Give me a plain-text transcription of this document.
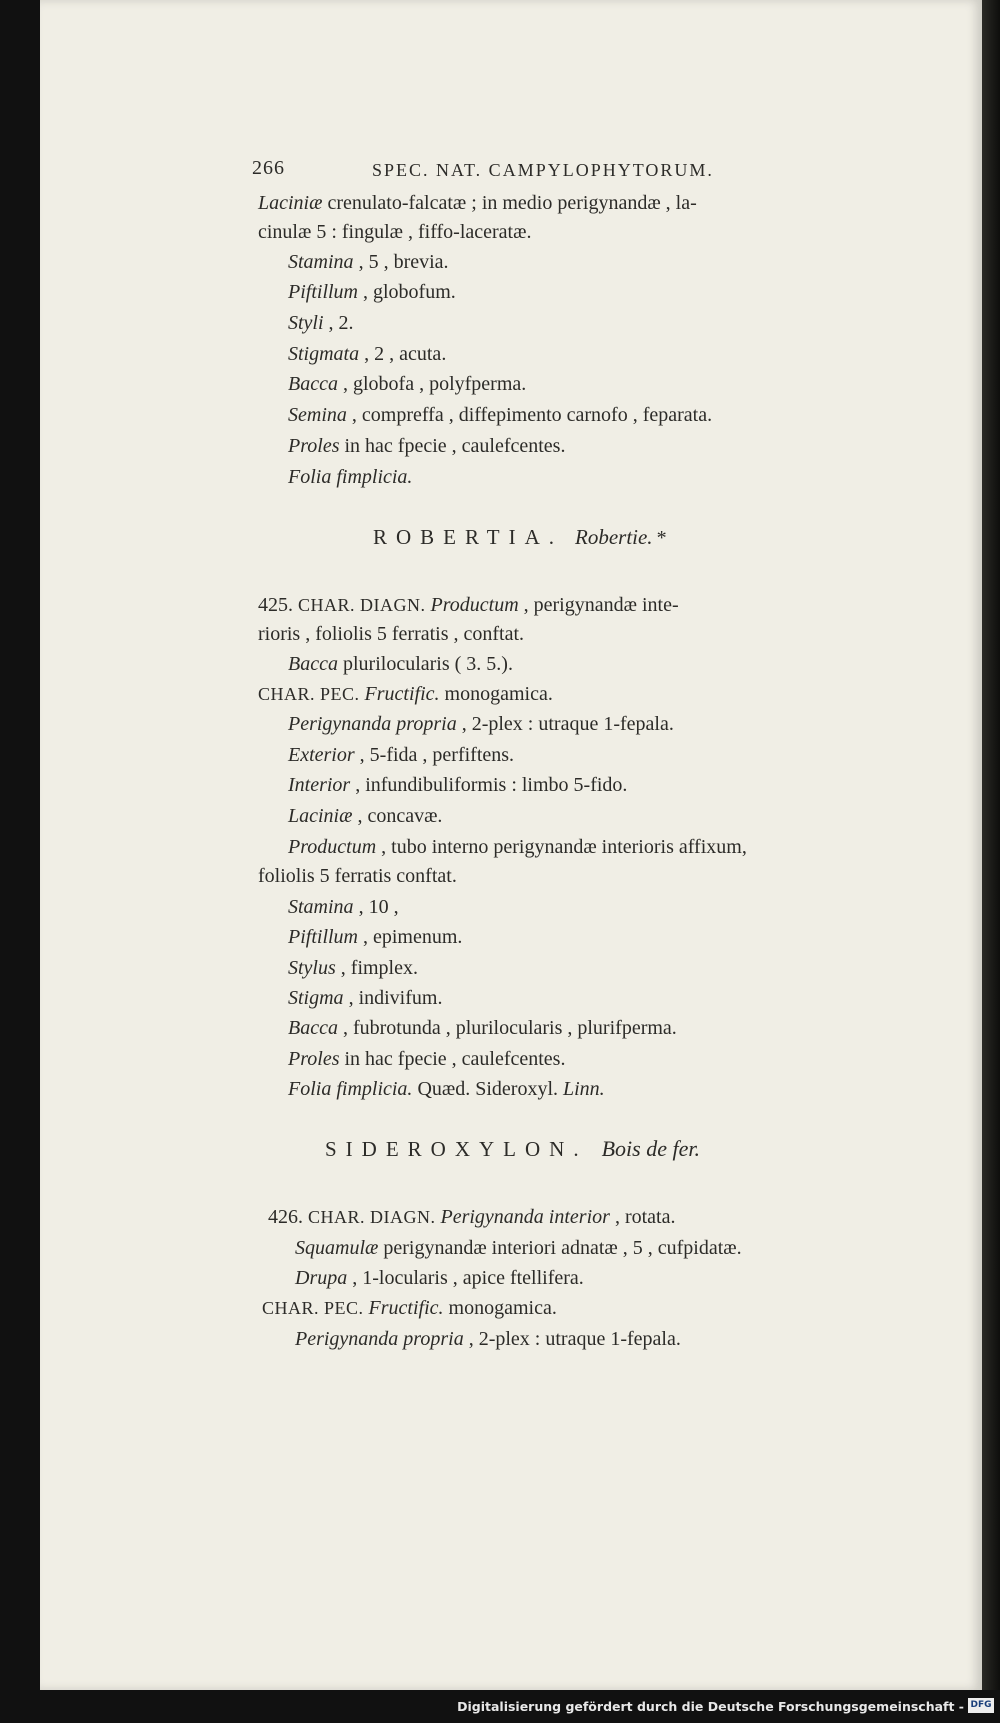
266	SPEC. NAT. CAMPYLOPHYTORUM.
Laciniæ crenulato-falcatæ ; in medio perigynandæ , la-
cinulæ 5 : fingulæ , fiffo-laceratæ.
Stamina , 5 , brevia.
Piftillum , globofum.
Styli , 2.
Stigmata , 2 , acuta.
Bacca , globofa , polyfperma.
Semina , compreffa , diffepimento carnofo , feparata.
Proles in hac fpecie , caulefcentes.
Folia fimplicia.
ROBERTIA. Robertie. *
425. CHAR. DIAGN. Productum , perigynandæ inte-
rioris , foliolis 5 ferratis , conftat.
Bacca plurilocularis ( 3. 5.).
CHAR. PEC. Fructific. monogamica.
Perigynanda propria , 2-plex : utraque 1-fepala.
Exterior , 5-fida , perfiftens.
Interior , infundibuliformis : limbo 5-fido.
Laciniæ , concavæ.
Productum , tubo interno perigynandæ interioris affixum,
foliolis 5 ferratis conftat.
Stamina , 10 ,
Piftillum , epimenum.
Stylus , fimplex.
Stigma , indivifum.
Bacca , fubrotunda , plurilocularis , plurifperma.
Proles in hac fpecie , caulefcentes.
Folia fimplicia. Quæd. Sideroxyl. Linn.
SIDEROXYLON. Bois de fer.
426. CHAR. DIAGN. Perigynanda interior , rotata.
Squamulæ perigynandæ interiori adnatæ , 5 , cufpidatæ.
Drupa , 1-locularis , apice ftellifera.
CHAR. PEC. Fructific. monogamica.
Perigynanda propria , 2-plex : utraque 1-fepala.
Digitalisierung gefördert durch die Deutsche Forschungsgemeinschaft - DFG
